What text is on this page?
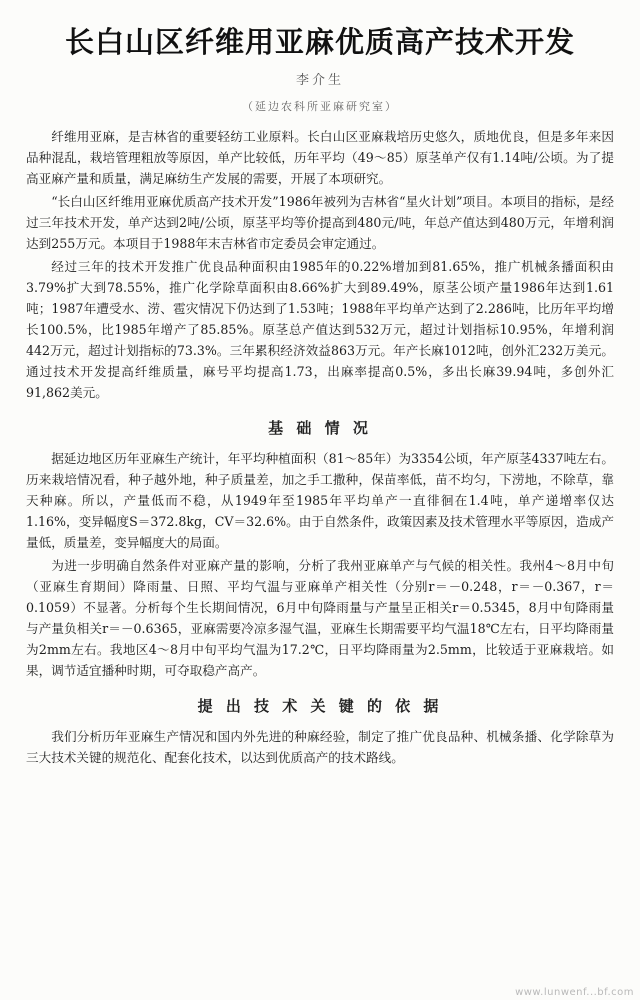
长白山区纤维用亚麻优质高产技术开发
李介生
（延边农科所亚麻研究室）

纤维用亚麻，是吉林省的重要轻纺工业原料。长白山区亚麻栽培历史悠久，质地优良，但是多年来因品种混乱，栽培管理粗放等原因，单产比较低，历年平均（49～85）原茎单产仅有1.14吨/公顷。为了提高亚麻产量和质量，满足麻纺生产发展的需要，开展了本项研究。

“长白山区纤维用亚麻优质高产技术开发”1986年被列为吉林省“星火计划”项目。本项目的指标，是经过三年技术开发，单产达到2吨/公顷，原茎平均等价提高到480元/吨，年总产值达到480万元，年增利润达到255万元。本项目于1988年末吉林省市定委员会审定通过。

经过三年的技术开发推广优良品种面积由1985年的0.22%增加到81.65%，推广机械条播面积由3.79%扩大到78.55%，推广化学除草面积由8.66%扩大到89.49%，原茎公顷产量1986年达到1.61吨；1987年遭受水、涝、雹灾情况下仍达到了1.53吨；1988年平均单产达到了2.286吨，比历年平均增长100.5%，比1985年增产了85.85%。原茎总产值达到532万元，超过计划指标10.95%，年增利润442万元，超过计划指标的73.3%。三年累积经济效益863万元。年产长麻1012吨，创外汇232万美元。通过技术开发提高纤维质量，麻号平均提高1.73，出麻率提高0.5%，多出长麻39.94吨，多创外汇91,862美元。

基 础 情 况

据延边地区历年亚麻生产统计，年平均种植面积（81～85年）为3354公顷，年产原茎4337吨左右。历来栽培情况看，种子越外地，种子质量差，加之手工撒种，保苗率低，苗不均匀，下涝地，不除草，靠天种麻。所以，产量低而不稳，从1949年至1985年平均单产一直徘徊在1.4吨，单产递增率仅达1.16%，变异幅度S＝372.8kg，CV＝32.6%。由于自然条件，政策因素及技术管理水平等原因，造成产量低，质量差，变异幅度大的局面。

为进一步明确自然条件对亚麻产量的影响，分析了我州亚麻单产与气候的相关性。我州4～8月中旬（亚麻生育期间）降雨量、日照、平均气温与亚麻单产相关性（分别r＝－0.248，r＝－0.367，r＝0.1059）不显著。分析每个生长期间情况，6月中旬降雨量与产量呈正相关r＝0.5345，8月中旬降雨量与产量负相关r＝－0.6365，亚麻需要冷凉多湿气温，亚麻生长期需要平均气温18℃左右，日平均降雨量为2mm左右。我地区4～8月中旬平均气温为17.2℃，日平均降雨量为2.5mm，比较适于亚麻栽培。如果，调节适宜播种时期，可夺取稳产高产。

提 出 技 术 关 键 的 依 据

我们分析历年亚麻生产情况和国内外先进的种麻经验，制定了推广优良品种、机械条播、化学除草为三大技术关键的规范化、配套化技术，以达到优质高产的技术路线。

www.lunwenf...bf.com
